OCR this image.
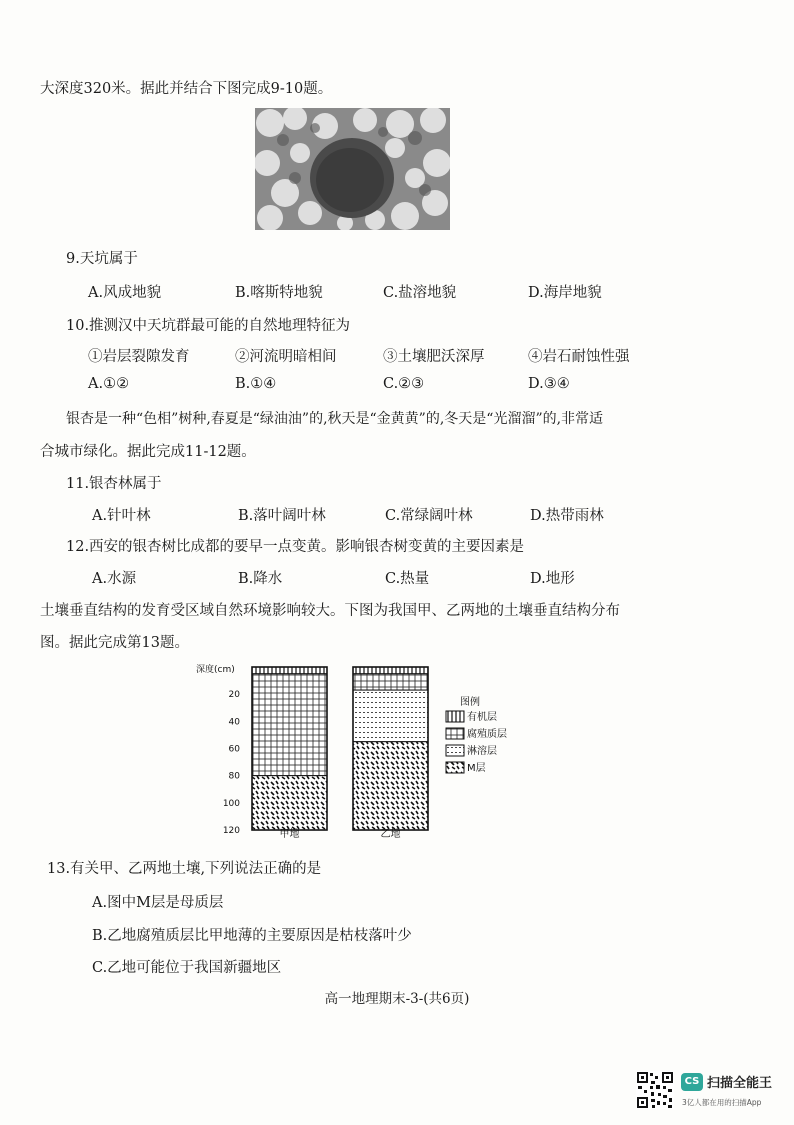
大深度320米。据此并结合下图完成9-10题。
9.天坑属于
A.风成地貌	B.喀斯特地貌	C.盐溶地貌	D.海岸地貌
10.推测汉中天坑群最可能的自然地理特征为
①岩层裂隙发育	②河流明暗相间	③土壤肥沃深厚	④岩石耐蚀性强
A.①②	B.①④	C.②③	D.③④
银杏是一种“色相”树种,春夏是“绿油油”的,秋天是“金黄黄”的,冬天是“光溜溜”的,非常适
合城市绿化。据此完成11-12题。
11.银杏林属于
A.针叶林	B.落叶阔叶林	C.常绿阔叶林	D.热带雨林
12.西安的银杏树比成都的要早一点变黄。影响银杏树变黄的主要因素是
A.水源	B.降水	C.热量	D.地形
土壤垂直结构的发育受区域自然环境影响较大。下图为我国甲、乙两地的土壤垂直结构分布
图。据此完成第13题。
深度(cm)
20
40
60
80
100
120	甲地	乙地
图例
有机层
腐殖质层
淋溶层
M层
13.有关甲、乙两地土壤,下列说法正确的是
A.图中M层是母质层
B.乙地腐殖质层比甲地薄的主要原因是枯枝落叶少
C.乙地可能位于我国新疆地区
高一地理期末-3-(共6页)
CS 扫描全能王
3亿人都在用的扫描App
